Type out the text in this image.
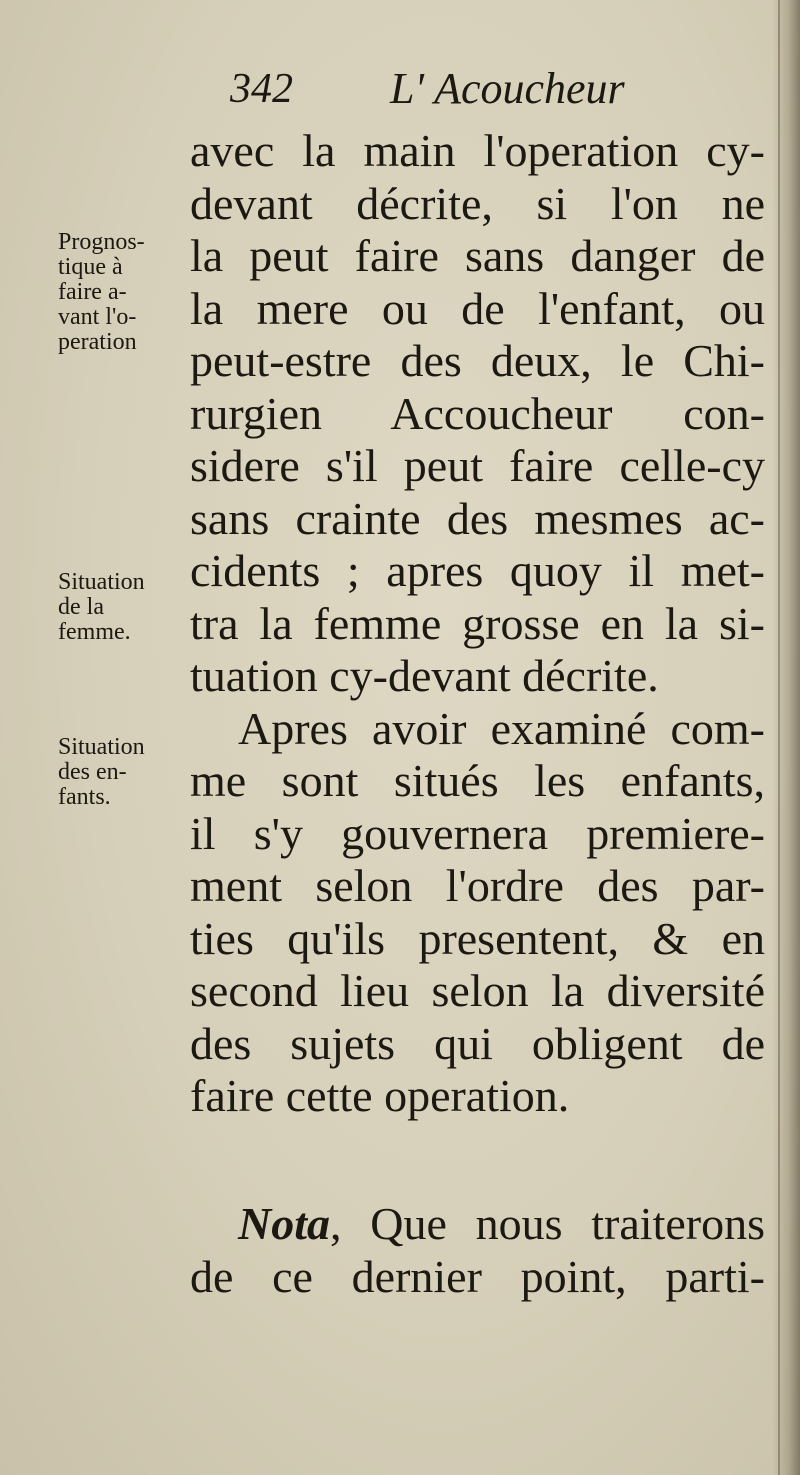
342 L' Acoucheur
Prognos-
tique à
faire a-
vant l'o-
peration
Situation
de la
femme.
Situation
des en-
fants.
avec la main l'operation cy-
devant décrite, si l'on ne
la peut faire sans danger de
la mere ou de l'enfant, ou
peut-estre des deux, le Chi-
rurgien Accoucheur con-
sidere s'il peut faire celle-cy
sans crainte des mesmes ac-
cidents ; apres quoy il met-
tra la femme grosse en la si-
tuation cy-devant décrite.
Apres avoir examiné com-
me sont situés les enfants,
il s'y gouvernera premiere-
ment selon l'ordre des par-
ties qu'ils presentent, & en
second lieu selon la diversité
des sujets qui obligent de
faire cette operation.
Nota, Que nous traiterons
de ce dernier point, parti-
